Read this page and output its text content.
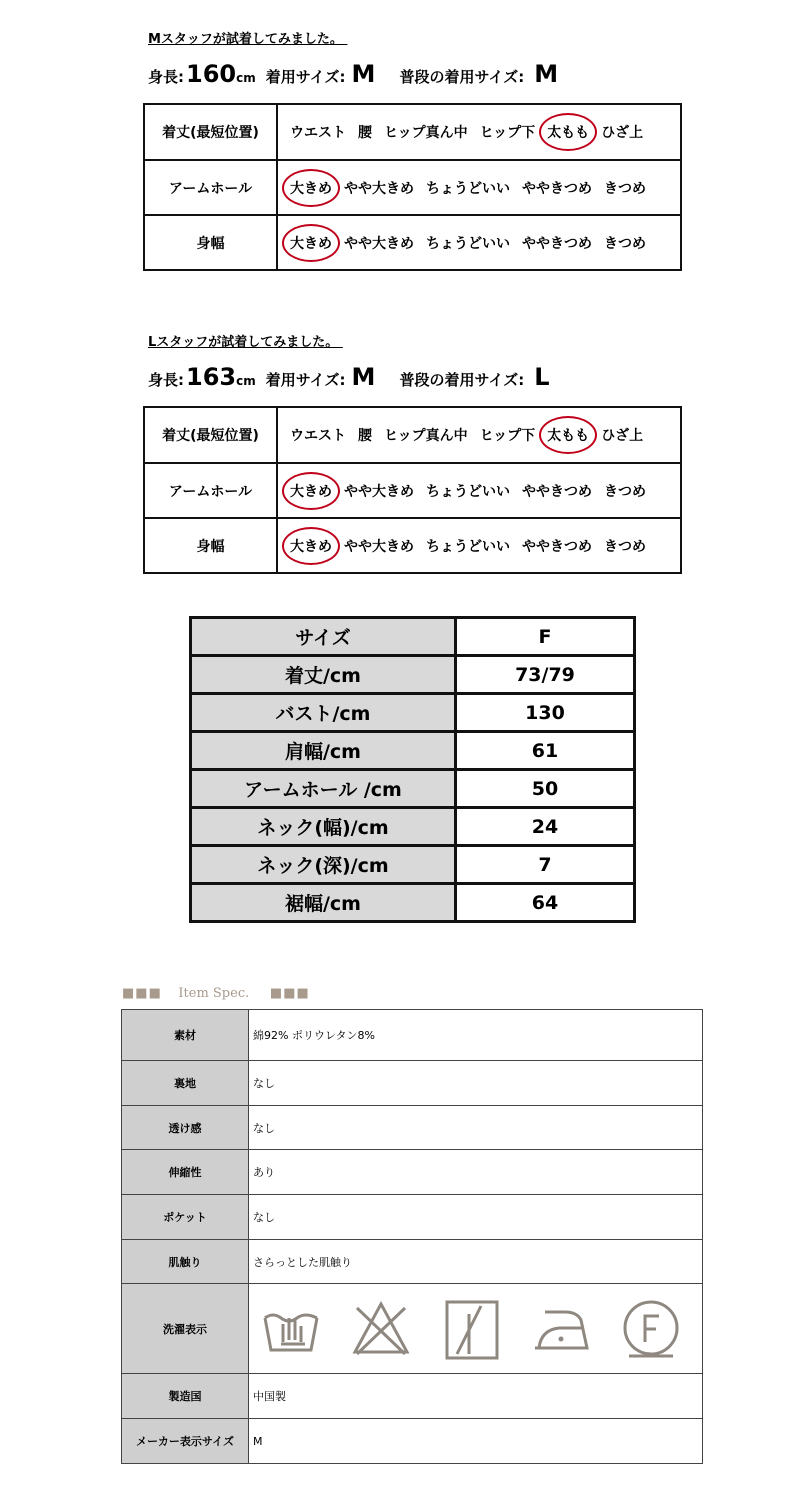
Mスタッフが試着してみました。
身長: 160 cm 着用サイズ: M 普段の着用サイズ: M
着丈(最短位置)	ウエスト 腰 ヒップ真ん中 ヒップ下 太もも ひざ上
アームホール	大きめ やや大きめ ちょうどいい ややきつめ きつめ
身幅	大きめ やや大きめ ちょうどいい ややきつめ きつめ
Lスタッフが試着してみました。
身長: 163 cm 着用サイズ: M 普段の着用サイズ: L
着丈(最短位置)	ウエスト 腰 ヒップ真ん中 ヒップ下 太もも ひざ上
アームホール	大きめ やや大きめ ちょうどいい ややきつめ きつめ
身幅	大きめ やや大きめ ちょうどいい ややきつめ きつめ
サイズ	F
着丈/cm	73/79
バスト/cm	130
肩幅/cm	61
アームホール /cm	50
ネック(幅)/cm	24
ネック(深)/cm	7
裾幅/cm	64
■■■ Item Spec. ■■■
素材	綿92% ポリウレタン8%
裏地	なし
透け感	なし
伸縮性	あり
ポケット	なし
肌触り	さらっとした肌触り
洗濯表示	

製造国	中国製
メーカー表示サイズ	M
